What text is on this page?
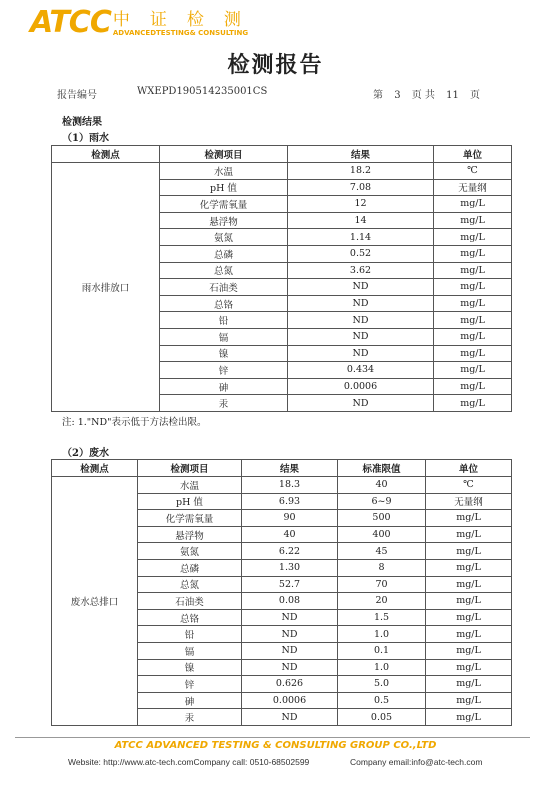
ATCC 中证检测
ADVANCEDTESTING& CONSULTING
检测报告
报告编号	WXEPD190514235001CS	第 3 页 共 11 页
检测结果
（1）雨水
检测点	检测项目	结果	单位
雨水排放口	水温	18.2	℃
	pH 值	7.08	无量纲
	化学需氧量	12	mg/L
	悬浮物	14	mg/L
	氨氮	1.14	mg/L
	总磷	0.52	mg/L
	总氮	3.62	mg/L
	石油类	ND	mg/L
	总铬	ND	mg/L
	铅	ND	mg/L
	镉	ND	mg/L
	镍	ND	mg/L
	锌	0.434	mg/L
	砷	0.0006	mg/L
	汞	ND	mg/L
注: 1."ND"表示低于方法检出限。
（2）废水
检测点	检测项目	结果	标准限值	单位
废水总排口	水温	18.3	40	℃
	pH 值	6.93	6~9	无量纲
	化学需氧量	90	500	mg/L
	悬浮物	40	400	mg/L
	氨氮	6.22	45	mg/L
	总磷	1.30	8	mg/L
	总氮	52.7	70	mg/L
	石油类	0.08	20	mg/L
	总铬	ND	1.5	mg/L
	铅	ND	1.0	mg/L
	镉	ND	0.1	mg/L
	镍	ND	1.0	mg/L
	锌	0.626	5.0	mg/L
	砷	0.0006	0.5	mg/L
	汞	ND	0.05	mg/L
ATCC ADVANCED TESTING & CONSULTING GROUP CO.,LTD
Website: http://www.atc-tech.comCompany call: 0510-68502599	Company email:info@atc-tech.com
